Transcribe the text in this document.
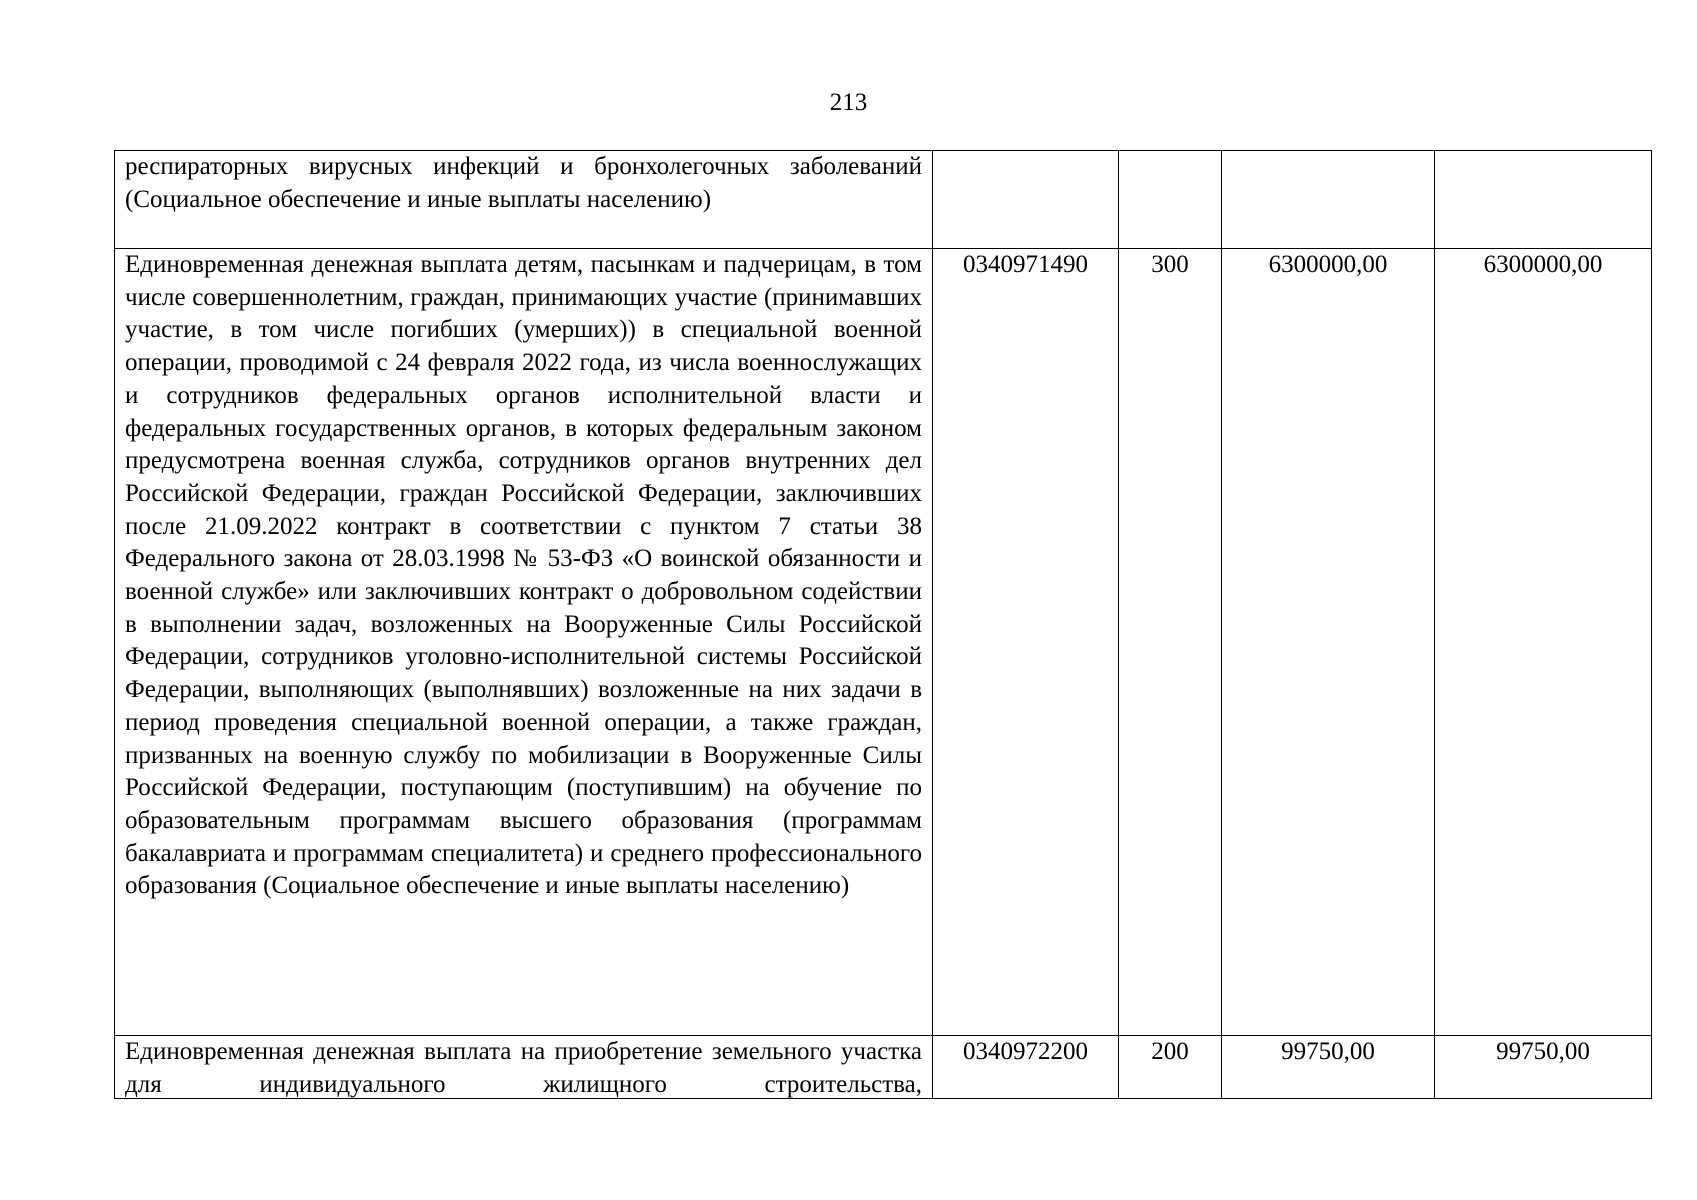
213
респираторных вирусных инфекций и бронхолегочных заболеваний (Социальное обеспечение и иные выплаты населению)				
Единовременная денежная выплата детям, пасынкам и падчерицам, в том числе совершеннолетним, граждан, принимающих участие (принимавших участие, в том числе погибших (умерших)) в специальной военной операции, проводимой с 24 февраля 2022 года, из числа военнослужащих и сотрудников федеральных органов исполнительной власти и федеральных государственных органов, в которых федеральным законом предусмотрена военная служба, сотрудников органов внутренних дел Российской Федерации, граждан Российской Федерации, заключивших после 21.09.2022 контракт в соответствии с пунктом 7 статьи 38 Федерального закона от 28.03.1998 № 53-ФЗ «О воинской обязанности и военной службе» или заключивших контракт о добровольном содействии в выполнении задач, возложенных на Вооруженные Силы Российской Федерации, сотрудников уголовно-исполнительной системы Российской Федерации, выполняющих (выполнявших) возложенные на них задачи в период проведения специальной военной операции, а также граждан, призванных на военную службу по мобилизации в Вооруженные Силы Российской Федерации, поступающим (поступившим) на обучение по образовательным программам высшего образования (программам бакалавриата и программам специалитета) и среднего профессионального образования (Социальное обеспечение и иные выплаты населению)	0340971490	300	6300000,00	6300000,00

Единовременная денежная выплата на приобретение земельного участка для индивидуального жилищного строительства,	0340972200	200	99750,00	99750,00
